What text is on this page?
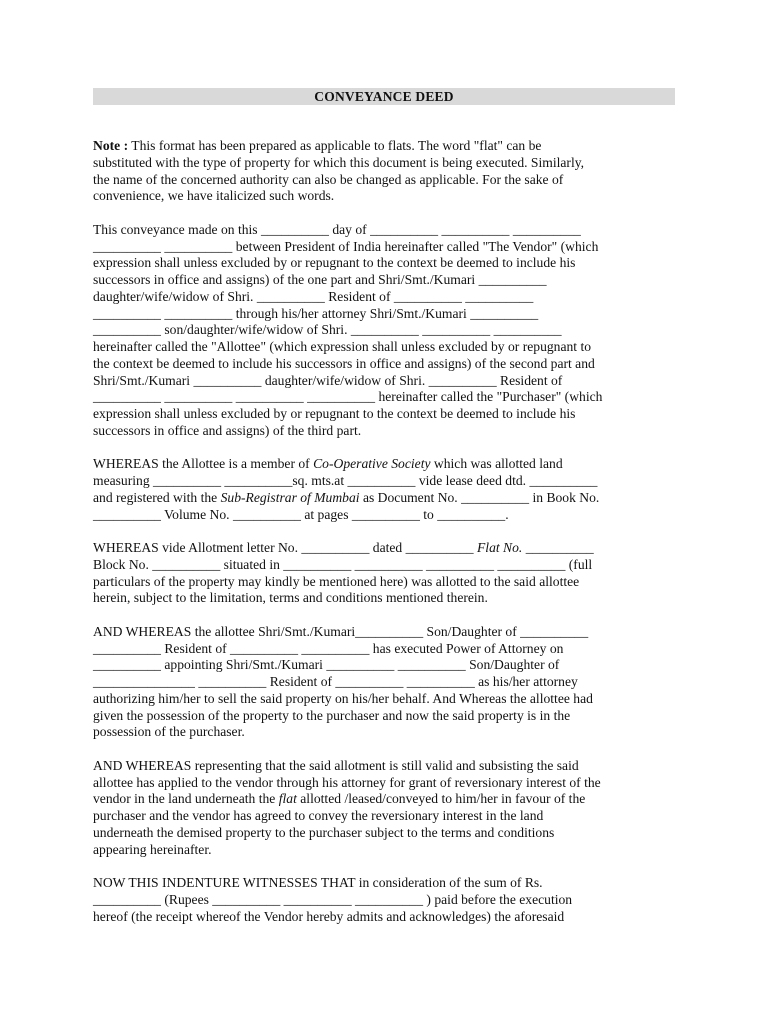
CONVEYANCE DEED

Note : This format has been prepared as applicable to flats. The word "flat" can be
substituted with the type of property for which this document is being executed. Similarly,
the name of the concerned authority can also be changed as applicable. For the sake of
convenience, we have italicized such words.

This conveyance made on this __________ day of __________ __________ __________
__________ __________ between President of India hereinafter called "The Vendor" (which
expression shall unless excluded by or repugnant to the context be deemed to include his
successors in office and assigns) of the one part and Shri/Smt./Kumari __________
daughter/wife/widow of Shri. __________ Resident of __________ __________
__________ __________ through his/her attorney Shri/Smt./Kumari __________
__________ son/daughter/wife/widow of Shri. __________ __________ __________
hereinafter called the "Allottee" (which expression shall unless excluded by or repugnant to
the context be deemed to include his successors in office and assigns) of the second part and
Shri/Smt./Kumari __________ daughter/wife/widow of Shri. __________ Resident of
__________ __________ __________ __________ hereinafter called the "Purchaser" (which
expression shall unless excluded by or repugnant to the context be deemed to include his
successors in office and assigns) of the third part.

WHEREAS the Allottee is a member of Co-Operative Society which was allotted land
measuring __________ __________sq. mts.at __________ vide lease deed dtd. __________
and registered with the Sub-Registrar of Mumbai as Document No. __________ in Book No.
__________ Volume No. __________ at pages __________ to __________.

WHEREAS vide Allotment letter No. __________ dated __________ Flat No. __________
Block No. __________ situated in __________ __________ __________ __________ (full
particulars of the property may kindly be mentioned here) was allotted to the said allottee
herein, subject to the limitation, terms and conditions mentioned therein.

AND WHEREAS the allottee Shri/Smt./Kumari__________ Son/Daughter of __________
__________ Resident of __________ __________ has executed Power of Attorney on
__________ appointing Shri/Smt./Kumari __________ __________ Son/Daughter of
_______________ __________ Resident of __________ __________ as his/her attorney
authorizing him/her to sell the said property on his/her behalf. And Whereas the allottee had
given the possession of the property to the purchaser and now the said property is in the
possession of the purchaser.

AND WHEREAS representing that the said allotment is still valid and subsisting the said
allottee has applied to the vendor through his attorney for grant of reversionary interest of the
vendor in the land underneath the flat allotted /leased/conveyed to him/her in favour of the
purchaser and the vendor has agreed to convey the reversionary interest in the land
underneath the demised property to the purchaser subject to the terms and conditions
appearing hereinafter.

NOW THIS INDENTURE WITNESSES THAT in consideration of the sum of Rs.
__________ (Rupees __________ __________ __________ ) paid before the execution
hereof (the receipt whereof the Vendor hereby admits and acknowledges) the aforesaid
